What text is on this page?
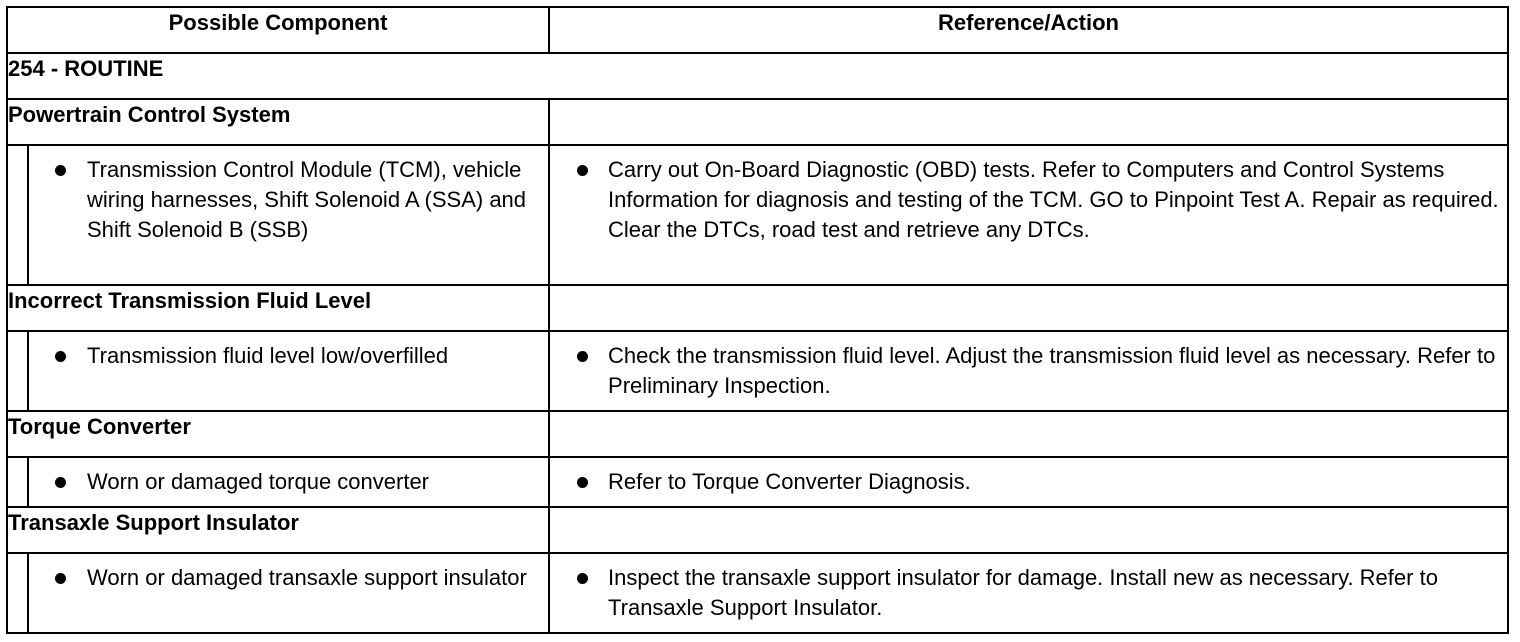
Possible Component		Reference/Action
254 - ROUTINE		
Powertrain Control System		

Transmission Control Module (TCM), vehicle wiring harnesses, Shift Solenoid A (SSA) and Shift Solenoid B (SSB)	Carry out On-Board Diagnostic (OBD) tests. Refer to Computers and Control Systems Information for diagnosis and testing of the TCM. GO to Pinpoint Test A. Repair as required. Clear the DTCs, road test and retrieve any DTCs.

Incorrect Transmission Fluid Level		

Transmission fluid level low/overfilled	Check the transmission fluid level. Adjust the transmission fluid level as necessary. Refer to Preliminary Inspection.

Torque Converter		

Worn or damaged torque converter	Refer to Torque Converter Diagnosis.

Transaxle Support Insulator		

Worn or damaged transaxle support insulator	Inspect the transaxle support insulator for damage. Install new as necessary. Refer to Transaxle Support Insulator.
